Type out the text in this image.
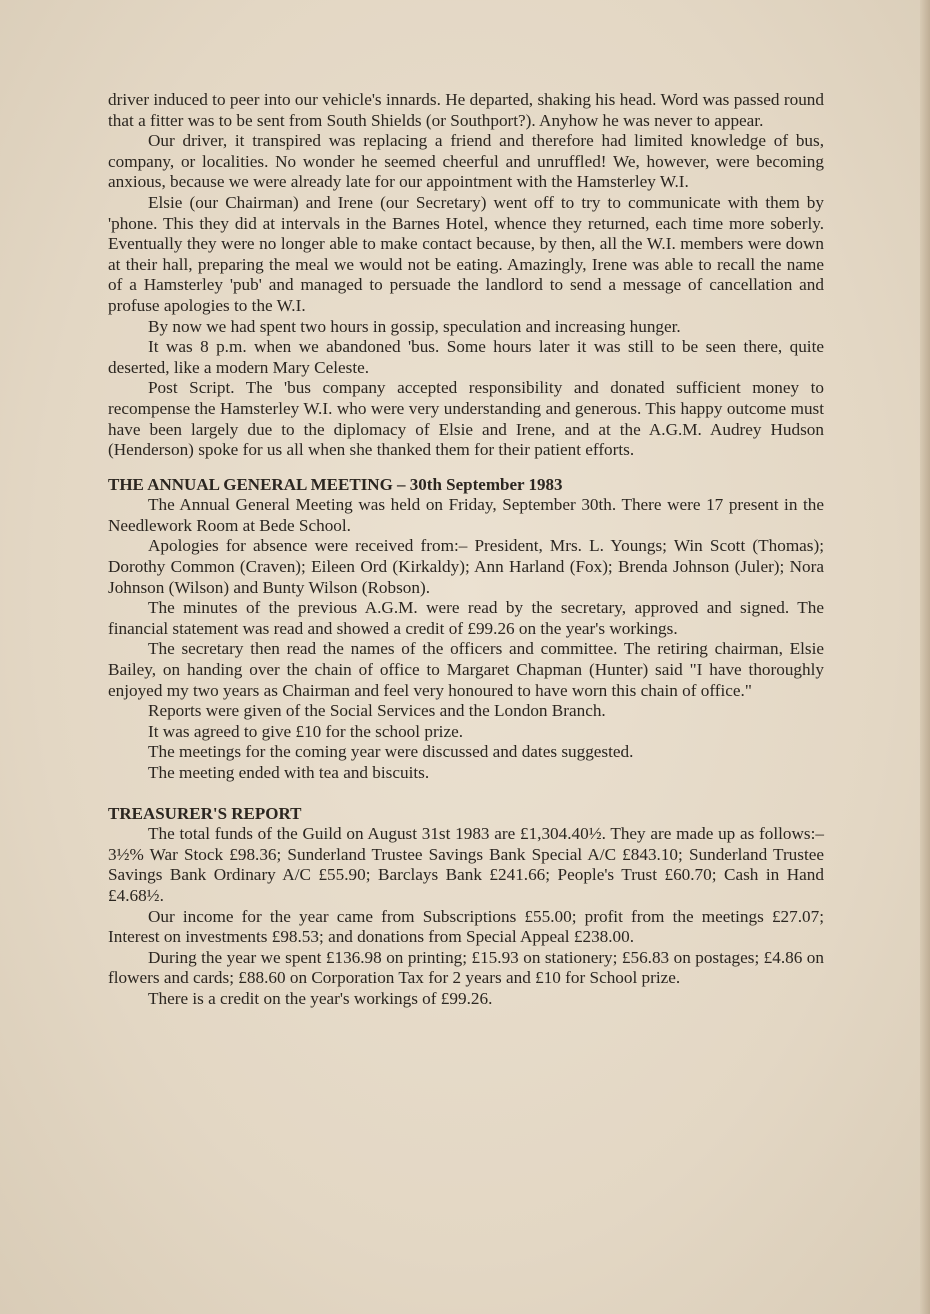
driver induced to peer into our vehicle's innards. He departed, shaking his head. Word was passed round that a fitter was to be sent from South Shields (or Southport?). Anyhow he was never to appear.

Our driver, it transpired was replacing a friend and therefore had limited knowledge of bus, company, or localities. No wonder he seemed cheerful and unruffled! We, however, were becoming anxious, because we were already late for our appointment with the Hamsterley W.I.

Elsie (our Chairman) and Irene (our Secretary) went off to try to communicate with them by 'phone. This they did at intervals in the Barnes Hotel, whence they returned, each time more soberly. Eventually they were no longer able to make contact because, by then, all the W.I. members were down at their hall, preparing the meal we would not be eating. Amazingly, Irene was able to recall the name of a Hamsterley 'pub' and managed to persuade the landlord to send a message of cancellation and profuse apologies to the W.I.

By now we had spent two hours in gossip, speculation and increasing hunger.

It was 8 p.m. when we abandoned 'bus. Some hours later it was still to be seen there, quite deserted, like a modern Mary Celeste.

Post Script. The 'bus company accepted responsibility and donated sufficient money to recompense the Hamsterley W.I. who were very understanding and generous. This happy outcome must have been largely due to the diplomacy of Elsie and Irene, and at the A.G.M. Audrey Hudson (Henderson) spoke for us all when she thanked them for their patient efforts.

THE ANNUAL GENERAL MEETING – 30th September 1983

The Annual General Meeting was held on Friday, September 30th. There were 17 present in the Needlework Room at Bede School.

Apologies for absence were received from:– President, Mrs. L. Youngs; Win Scott (Thomas); Dorothy Common (Craven); Eileen Ord (Kirkaldy); Ann Harland (Fox); Brenda Johnson (Juler); Nora Johnson (Wilson) and Bunty Wilson (Robson).

The minutes of the previous A.G.M. were read by the secretary, approved and signed. The financial statement was read and showed a credit of £99.26 on the year's workings.

The secretary then read the names of the officers and committee. The retiring chairman, Elsie Bailey, on handing over the chain of office to Margaret Chapman (Hunter) said "I have thoroughly enjoyed my two years as Chairman and feel very honoured to have worn this chain of office."

Reports were given of the Social Services and the London Branch.

It was agreed to give £10 for the school prize.

The meetings for the coming year were discussed and dates suggested.

The meeting ended with tea and biscuits.

TREASURER'S REPORT

The total funds of the Guild on August 31st 1983 are £1,304.40½. They are made up as follows:– 3½% War Stock £98.36; Sunderland Trustee Savings Bank Special A/C £843.10; Sunderland Trustee Savings Bank Ordinary A/C £55.90; Barclays Bank £241.66; People's Trust £60.70; Cash in Hand £4.68½.

Our income for the year came from Subscriptions £55.00; profit from the meetings £27.07; Interest on investments £98.53; and donations from Special Appeal £238.00.

During the year we spent £136.98 on printing; £15.93 on stationery; £56.83 on postages; £4.86 on flowers and cards; £88.60 on Corporation Tax for 2 years and £10 for School prize.

There is a credit on the year's workings of £99.26.
